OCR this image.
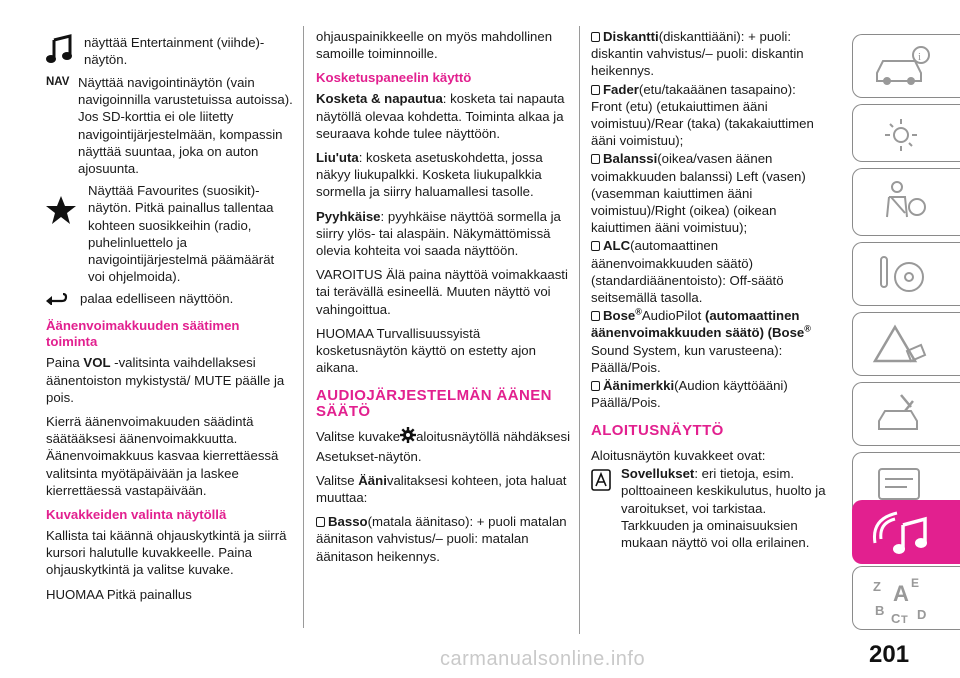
näyttää Entertainment (viihde)-näytön.

NAV Näyttää navigointinäytön (vain navigoinnilla varustetuissa autoissa). Jos SD-korttia ei ole liitetty navigointijärjestelmään, kompassin näyttää suuntaa, joka on auton ajosuunta.

Näyttää Favourites (suosikit)-näytön. Pitkä painallus tallentaa kohteen suosikkeihin (radio, puhelinluettelo ja navigointijärjestelmä päämäärät voi ohjelmoida).

palaa edelliseen näyttöön.

Äänenvoimakkuuden säätimen toiminta

Paina VOL -valitsinta vaihdellaksesi äänentoiston mykistystä/ MUTE päälle ja pois.

Kierrä äänenvoimakuuden säädintä säätääksesi äänenvoimakkuutta. Äänenvoimakkuus kasvaa kierrettäessä valitsinta myötäpäivään ja laskee kierrettäessä vastapäivään.

Kuvakkeiden valinta näytöllä

Kallista tai käännä ohjauskytkintä ja siirrä kursori halutulle kuvakkeelle. Paina ohjauskytkintä ja valitse kuvake.

HUOMAA Pitkä painallus

ohjauspainikkeelle on myös mahdollinen samoille toiminnoille.

Kosketuspaneelin käyttö

Kosketa & napautua: kosketa tai napauta näytöllä olevaa kohdetta. Toiminta alkaa ja seuraava kohde tulee näyttöön.

Liu'uta: kosketa asetuskohdetta, jossa näkyy liukupalkki. Kosketa liukupalkkia sormella ja siirry haluamallesi tasolle.

Pyyhkäise: pyyhkäise näyttöä sormella ja siirry ylös- tai alaspäin. Näkymättömissä olevia kohteita voi saada näyttöön.

VAROITUS Älä paina näyttöä voimakkaasti tai terävällä esineellä. Muuten näyttö voi vahingoittua.

HUOMAA Turvallisuussyistä kosketusnäytön käyttö on estetty ajon aikana.

AUDIOJÄRJESTELMÄN ÄÄNEN SÄÄTÖ

Valitse kuvake aloitusnäytöllä nähdäksesi Asetukset-näytön.

Valitse Äänivalitaksesi kohteen, jota haluat muuttaa:

Basso(matala äänitaso): + puoli matalan äänitason vahvistus/– puoli: matalan äänitason heikennys.

Diskantti(diskanttiääni): + puoli: diskantin vahvistus/– puoli: diskantin heikennys.

Fader(etu/takaäänen tasapaino): Front (etu) (etukaiuttimen ääni voimistuu)/Rear (taka) (takakaiuttimen ääni voimistuu);

Balanssi(oikea/vasen äänen voimakkuuden balanssi) Left (vasen) (vasemman kaiuttimen ääni voimistuu)/Right (oikea) (oikean kaiuttimen ääni voimistuu);

ALC(automaattinen äänenvoimakkuuden säätö) (standardiäänentoisto): Off-säätö seitsemällä tasolla.

Bose®AudioPilot (automaattinen äänenvoimakkuuden säätö) (Bose® Sound System, kun varusteena): Päällä/Pois.

Äänimerkki(Audion käyttöääni) Päällä/Pois.

ALOITUSNÄYTTÖ

Aloitusnäytön kuvakkeet ovat:

Sovellukset: eri tietoja, esim. polttoaineen keskikulutus, huolto ja varoitukset, voi tarkistaa. Tarkkuuden ja ominaisuuksien mukaan näyttö voi olla erilainen.

i
Z	E
A
B
C T D
201
carmanualsonline.info
